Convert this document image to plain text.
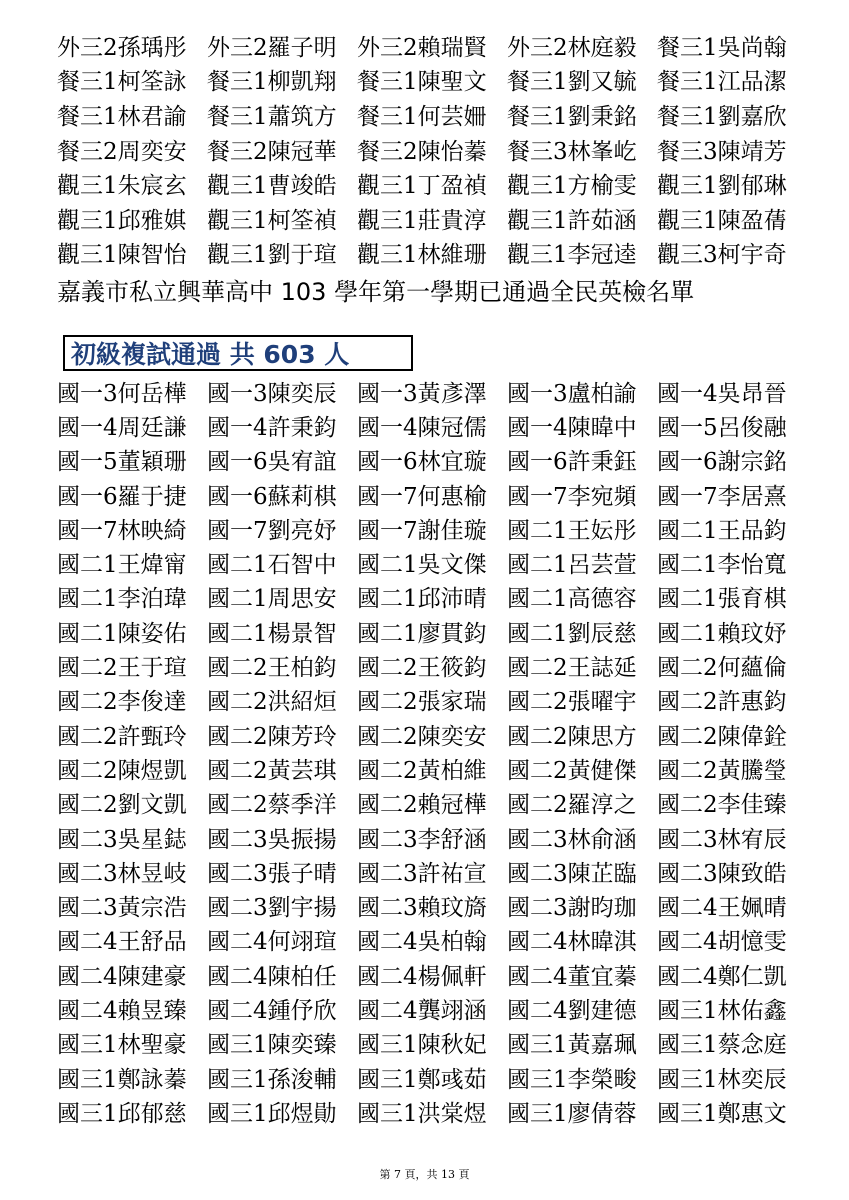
外三2孫瑀彤 外三2羅子明 外三2賴瑞賢 外三2林庭毅 餐三1吳尚翰
餐三1柯筌詠 餐三1柳凱翔 餐三1陳聖文 餐三1劉又毓 餐三1江品潔
餐三1林君諭 餐三1蕭筑方 餐三1何芸姍 餐三1劉秉銘 餐三1劉嘉欣
餐三2周奕安 餐三2陳冠華 餐三2陳怡蓁 餐三3林峯屹 餐三3陳靖芳
觀三1朱宸玄 觀三1曹竣皓 觀三1丁盈禎 觀三1方榆雯 觀三1劉郁琳
觀三1邱雅娸 觀三1柯筌禎 觀三1莊貴淳 觀三1許茹涵 觀三1陳盈蒨
觀三1陳智怡 觀三1劉于瑄 觀三1林維珊 觀三1李冠逵 觀三3柯宇奇
嘉義市私立興華高中 103 學年第一學期已通過全民英檢名單
初級複試通過 共 603 人
國一3何岳樺 國一3陳奕辰 國一3黃彥澤 國一3盧柏諭 國一4吳昂晉
國一4周廷謙 國一4許秉鈞 國一4陳冠儒 國一4陳暐中 國一5呂俊融
國一5董穎珊 國一6吳宥誼 國一6林宜璇 國一6許秉鈺 國一6謝宗銘
國一6羅于捷 國一6蘇莉棋 國一7何惠榆 國一7李宛頻 國一7李居熹
國一7林映綺 國一7劉亮妤 國一7謝佳璇 國二1王妘彤 國二1王品鈞
國二1王煒甯 國二1石智中 國二1吳文傑 國二1呂芸萱 國二1李怡寬
國二1李泊瑋 國二1周思安 國二1邱沛晴 國二1高德容 國二1張育棋
國二1陳姿佑 國二1楊景智 國二1廖貫鈞 國二1劉辰慈 國二1賴玟妤
國二2王于瑄 國二2王柏鈞 國二2王筱鈞 國二2王誌延 國二2何蘊倫
國二2李俊達 國二2洪紹烜 國二2張家瑞 國二2張曜宇 國二2許惠鈞
國二2許甄玲 國二2陳芳玲 國二2陳奕安 國二2陳思方 國二2陳偉銓
國二2陳煜凱 國二2黃芸琪 國二2黃柏維 國二2黃健傑 國二2黃騰瑩
國二2劉文凱 國二2蔡季洋 國二2賴冠樺 國二2羅淳之 國二2李佳臻
國二3吳星鋕 國二3吳振揚 國二3李舒涵 國二3林俞涵 國二3林宥辰
國二3林昱岐 國二3張子晴 國二3許祐宣 國二3陳芷臨 國二3陳致皓
國二3黃宗浩 國二3劉宇揚 國二3賴玟旖 國二3謝昀珈 國二4王姵晴
國二4王舒品 國二4何翊瑄 國二4吳柏翰 國二4林暐淇 國二4胡憶雯
國二4陳建豪 國二4陳柏任 國二4楊佩軒 國二4董宜蓁 國二4鄭仁凱
國二4賴昱臻 國二4鍾伃欣 國二4龔翊涵 國二4劉建德 國三1林佑鑫
國三1林聖豪 國三1陳奕臻 國三1陳秋妃 國三1黃嘉珮 國三1蔡念庭
國三1鄭詠蓁 國三1孫浚輔 國三1鄭彧茹 國三1李榮畯 國三1林奕辰
國三1邱郁慈 國三1邱煜勛 國三1洪棠煜 國三1廖倩蓉 國三1鄭惠文
第 7 頁，共 13 頁
